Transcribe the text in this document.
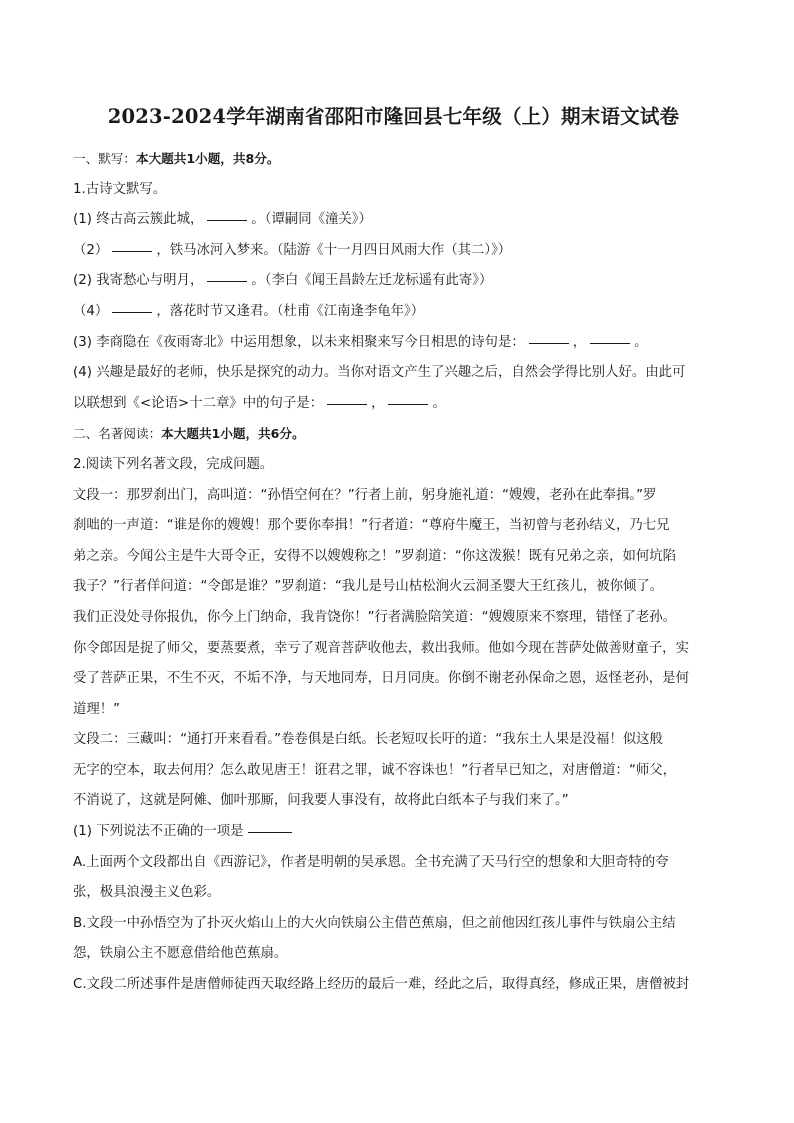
2023-2024学年湖南省邵阳市隆回县七年级（上）期末语文试卷
一、默写：本大题共1小题，共8分。
1.古诗文默写。
(1) 终古高云簇此城，	。（谭嗣同《潼关》）
（2）	，铁马冰河入梦来。（陆游《十一月四日风雨大作（其二）》）
(2) 我寄愁心与明月，	。（李白《闻王昌龄左迁龙标遥有此寄》）
（4）	，落花时节又逢君。（杜甫《江南逢李龟年》）
(3) 李商隐在《夜雨寄北》中运用想象，以未来相聚来写今日相思的诗句是：	，	。
(4) 兴趣是最好的老师，快乐是探究的动力。当你对语文产生了兴趣之后，自然会学得比别人好。由此可
以联想到《<论语>十二章》中的句子是：	，	。
二、名著阅读：本大题共1小题，共6分。
2.阅读下列名著文段，完成问题。
文段一：那罗刹出门，高叫道：“孙悟空何在？”行者上前，躬身施礼道：“嫂嫂，老孙在此奉揖。”罗
刹咄的一声道：“谁是你的嫂嫂！那个要你奉揖！”行者道：“尊府牛魔王，当初曾与老孙结义，乃七兄
弟之亲。今闻公主是牛大哥令正，安得不以嫂嫂称之！”罗刹道：“你这泼猴！既有兄弟之亲，如何坑陷
我子？”行者佯问道：“令郎是谁？”罗刹道：“我儿是号山枯松涧火云洞圣婴大王红孩儿，被你倾了。
我们正没处寻你报仇，你今上门纳命，我肯饶你！”行者满脸陪笑道：“嫂嫂原来不察理，错怪了老孙。
你令郎因是捉了师父，要蒸要煮，幸亏了观音菩萨收他去，救出我师。他如今现在菩萨处做善财童子，实
受了菩萨正果，不生不灭，不垢不净，与天地同寿，日月同庚。你倒不谢老孙保命之恩，返怪老孙，是何
道理！”
文段二：三藏叫：“通打开来看看。”卷卷俱是白纸。长老短叹长吁的道：“我东土人果是没福！似这般
无字的空本，取去何用？怎么敢见唐王！诳君之罪，诚不容诛也！”行者早已知之，对唐僧道：“师父，
不消说了，这就是阿傩、伽叶那厮，问我要人事没有，故将此白纸本子与我们来了。”
(1) 下列说法不正确的一项是
A.上面两个文段都出自《西游记》，作者是明朝的吴承恩。全书充满了天马行空的想象和大胆奇特的夸
张，极具浪漫主义色彩。
B.文段一中孙悟空为了扑灭火焰山上的大火向铁扇公主借芭蕉扇，但之前他因红孩儿事件与铁扇公主结
怨，铁扇公主不愿意借给他芭蕉扇。
C.文段二所述事件是唐僧师徒西天取经路上经历的最后一难，经此之后，取得真经，修成正果，唐僧被封
